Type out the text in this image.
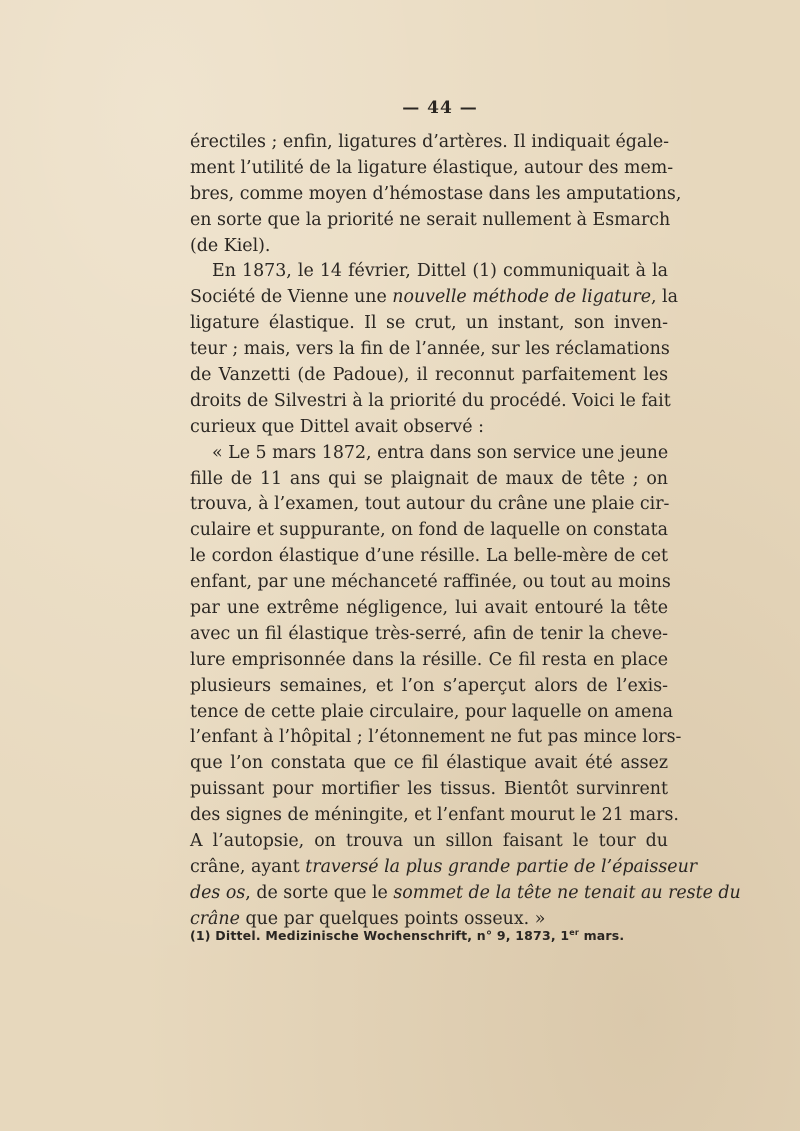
— 44 —
érectiles ; enfin, ligatures d’artères. Il indiquait égale-
ment l’utilité de la ligature élastique, autour des mem-
bres, comme moyen d’hémostase dans les amputations,
en sorte que la priorité ne serait nullement à Esmarch
(de Kiel).
En 1873, le 14 février, Dittel (1) communiquait à la
Société de Vienne une nouvelle méthode de ligature, la
ligature élastique. Il se crut, un instant, son inven-
teur ; mais, vers la fin de l’année, sur les réclamations
de Vanzetti (de Padoue), il reconnut parfaitement les
droits de Silvestri à la priorité du procédé. Voici le fait
curieux que Dittel avait observé :
« Le 5 mars 1872, entra dans son service une jeune
fille de 11 ans qui se plaignait de maux de tête ; on
trouva, à l’examen, tout autour du crâne une plaie cir-
culaire et suppurante, on fond de laquelle on constata
le cordon élastique d’une résille. La belle-mère de cet
enfant, par une méchanceté raffinée, ou tout au moins
par une extrême négligence, lui avait entouré la tête
avec un fil élastique très-serré, afin de tenir la cheve-
lure emprisonnée dans la résille. Ce fil resta en place
plusieurs semaines, et l’on s’aperçut alors de l’exis-
tence de cette plaie circulaire, pour laquelle on amena
l’enfant à l’hôpital ; l’étonnement ne fut pas mince lors-
que l’on constata que ce fil élastique avait été assez
puissant pour mortifier les tissus. Bientôt survinrent
des signes de méningite, et l’enfant mourut le 21 mars.
A l’autopsie, on trouva un sillon faisant le tour du
crâne, ayant traversé la plus grande partie de l’épaisseur
des os, de sorte que le sommet de la tête ne tenait au reste du
crâne que par quelques points osseux. »
(1) Dittel. Medizinische Wochenschrift, n° 9, 1873, 1er mars.
